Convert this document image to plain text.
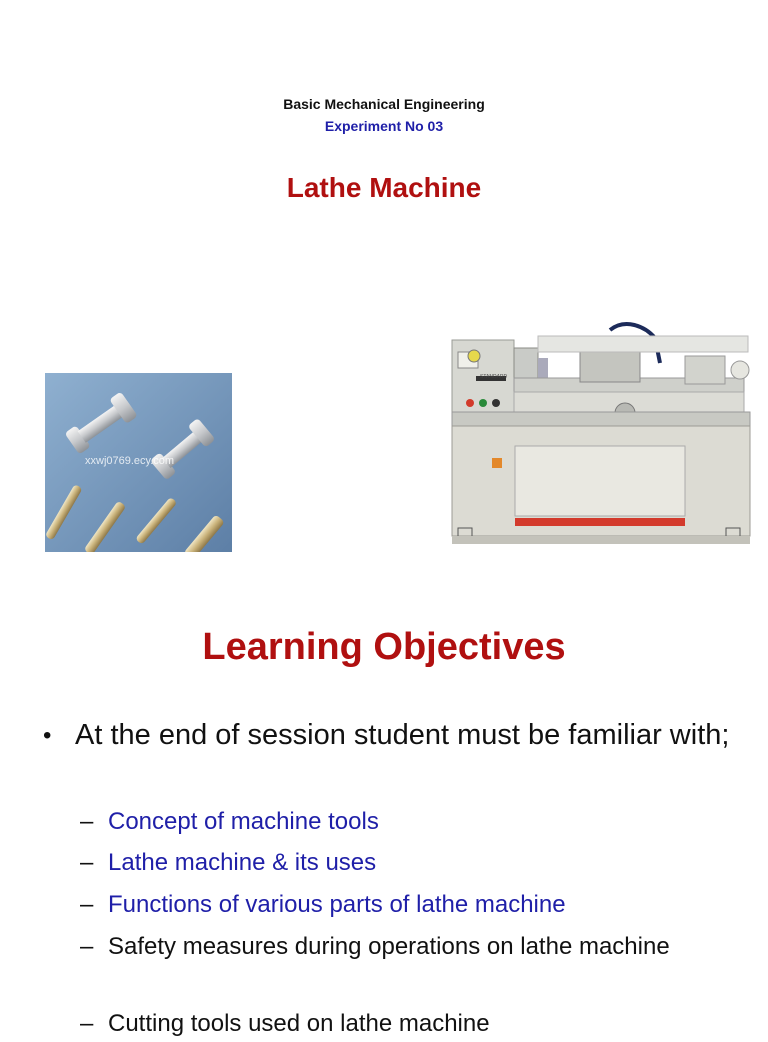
Basic Mechanical Engineering
Experiment No 03
Lathe Machine
xxwj0769.ecy.com
STANDARD
Learning Objectives
• At the end of session student must be familiar with;
– Concept of machine tools
– Lathe machine & its uses
– Functions of various parts of lathe machine
– Safety measures during operations on lathe machine
– Cutting tools used on lathe machine
